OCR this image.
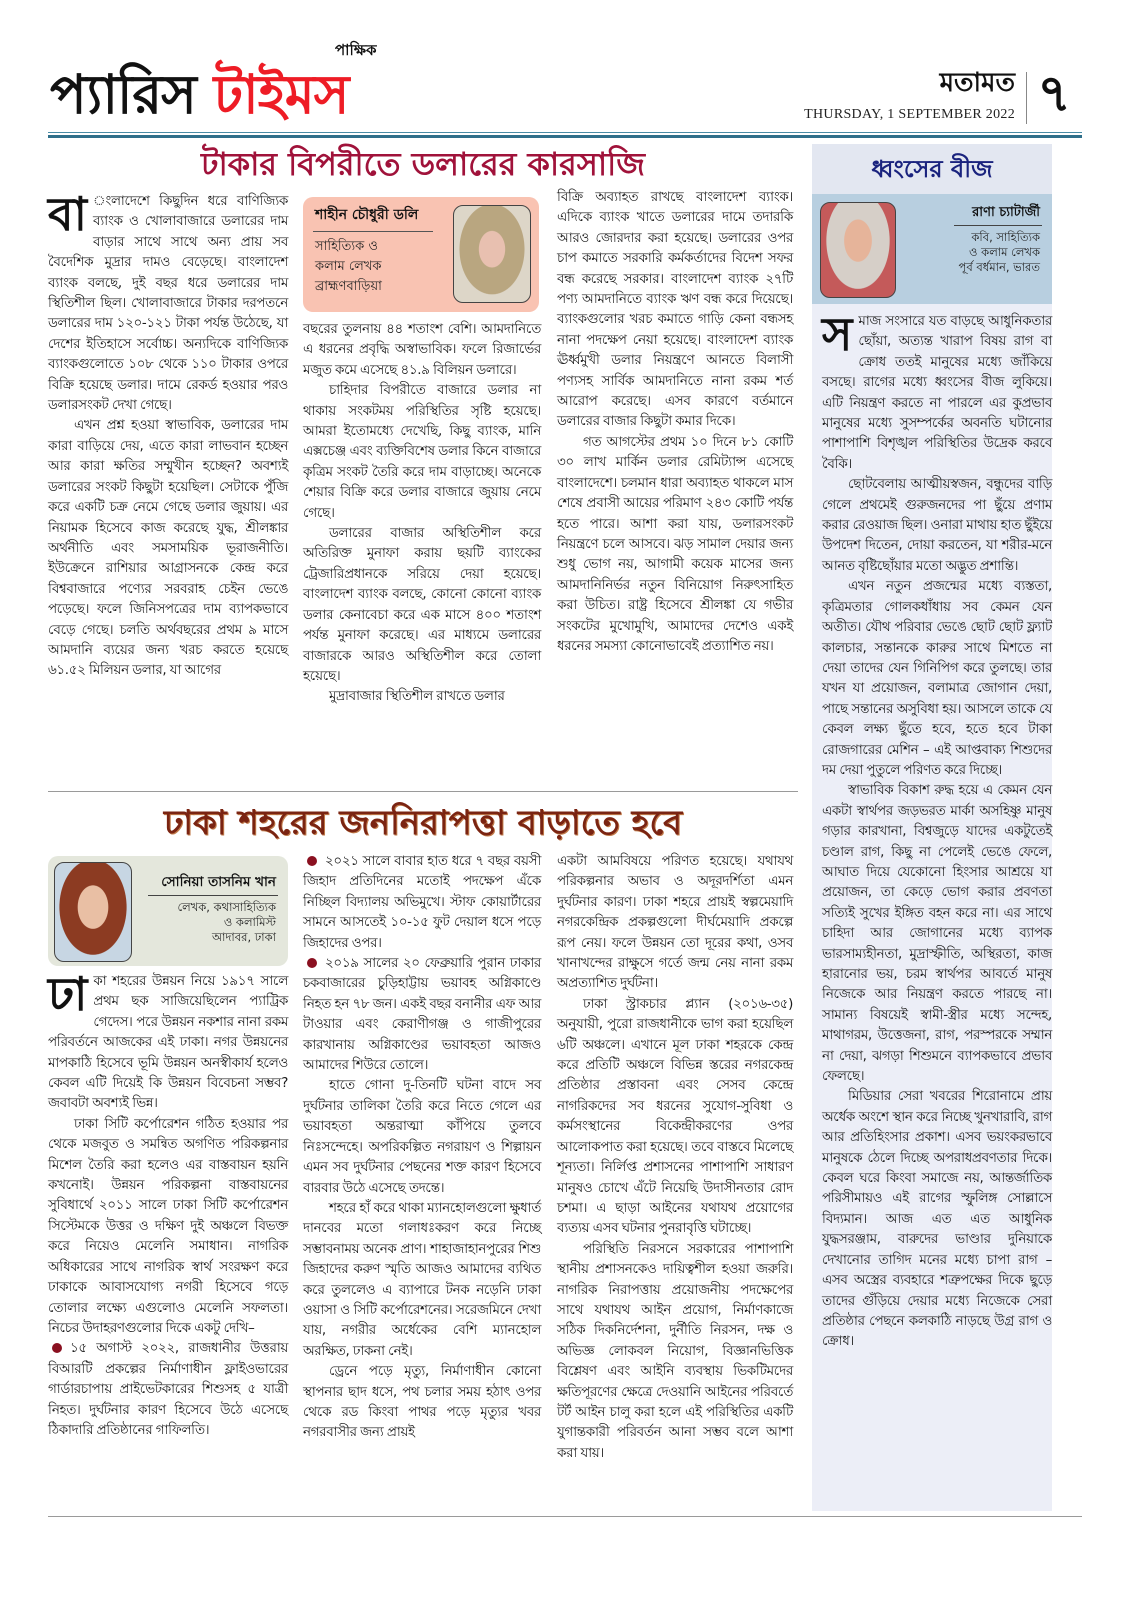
প্যারিস টাইমস
পাক্ষিক
মতামত
THURSDAY, 1 SEPTEMBER 2022 ৭
টাকার বিপরীতে ডলারের কারসাজি

বা ংলাদেশে কিছুদিন ধরে বাণিজ্যিক ব্যাংক ও খোলাবাজারে ডলারের দাম বাড়ার সাথে সাথে অন্য প্রায় সব বৈদেশিক মুদ্রার দামও বেড়েছে। বাংলাদেশ ব্যাংক বলছে, দুই বছর ধরে ডলারের দাম স্থিতিশীল ছিল। খোলাবাজারে টাকার দরপতনে ডলারের দাম ১২০-১২১ টাকা পর্যন্ত উঠেছে, যা দেশের ইতিহাসে সর্বোচ্চ। অন্যদিকে বাণিজ্যিক ব্যাংকগুলোতে ১০৮ থেকে ১১০ টাকার ওপরে বিক্রি হয়েছে ডলার। দামে রেকর্ড হওয়ার পরও ডলারসংকট দেখা গেছে।

এখন প্রশ্ন হওয়া স্বাভাবিক, ডলারের দাম কারা বাড়িয়ে দেয়, এতে কারা লাভবান হচ্ছেন আর কারা ক্ষতির সম্মুখীন হচ্ছেন? অবশ্যই ডলারের সংকট কিছুটা হয়েছিল। সেটাকে পুঁজি করে একটি চক্র নেমে গেছে ডলার জুয়ায়। এর নিয়ামক হিসেবে কাজ করেছে যুদ্ধ, শ্রীলঙ্কার অর্থনীতি এবং সমসাময়িক ভূরাজনীতি। ইউক্রেনে রাশিয়ার আগ্রাসনকে কেন্দ্র করে বিশ্ববাজারে পণ্যের সরবরাহ চেইন ভেঙে পড়েছে। ফলে জিনিসপত্রের দাম ব্যাপকভাবে বেড়ে গেছে। চলতি অর্থবছরের প্রথম ৯ মাসে আমদানি ব্যয়ের জন্য খরচ করতে হয়েছে ৬১.৫২ মিলিয়ন ডলার, যা আগের

শাহীন চৌধুরী ডলি
সাহিত্যিক ও
কলাম লেখক
ব্রাহ্মণবাড়িয়া

বছরের তুলনায় ৪৪ শতাংশ বেশি। আমদানিতে এ ধরনের প্রবৃদ্ধি অস্বাভাবিক। ফলে রিজার্ভের মজুত কমে এসেছে ৪১.৯ বিলিয়ন ডলারে।

চাহিদার বিপরীতে বাজারে ডলার না থাকায় সংকটময় পরিস্থিতির সৃষ্টি হয়েছে। আমরা ইতোমধ্যে দেখেছি, কিছু ব্যাংক, মানি এক্সচেঞ্জ এবং ব্যক্তিবিশেষ ডলার কিনে বাজারে কৃত্রিম সংকট তৈরি করে দাম বাড়াচ্ছে। অনেকে শেয়ার বিক্রি করে ডলার বাজারে জুয়ায় নেমে গেছে।

ডলারের বাজার অস্থিতিশীল করে অতিরিক্ত মুনাফা করায় ছয়টি ব্যাংকের ট্রেজারিপ্রধানকে সরিয়ে দেয়া হয়েছে। বাংলাদেশ ব্যাংক বলছে, কোনো কোনো ব্যাংক ডলার কেনাবেচা করে এক মাসে ৪০০ শতাংশ পর্যন্ত মুনাফা করেছে। এর মাধ্যমে ডলারের বাজারকে আরও অস্থিতিশীল করে তোলা হয়েছে।

মুদ্রাবাজার স্থিতিশীল রাখতে ডলার

বিক্রি অব্যাহত রাখছে বাংলাদেশ ব্যাংক। এদিকে ব্যাংক খাতে ডলারের দামে তদারকি আরও জোরদার করা হয়েছে। ডলারের ওপর চাপ কমাতে সরকারি কর্মকর্তাদের বিদেশ সফর বন্ধ করেছে সরকার। বাংলাদেশ ব্যাংক ২৭টি পণ্য আমদানিতে ব্যাংক ঋণ বন্ধ করে দিয়েছে। ব্যাংকগুলোর খরচ কমাতে গাড়ি কেনা বন্ধসহ নানা পদক্ষেপ নেয়া হয়েছে। বাংলাদেশ ব্যাংক ঊর্ধ্বমুখী ডলার নিয়ন্ত্রণে আনতে বিলাসী পণ্যসহ সার্বিক আমদানিতে নানা রকম শর্ত আরোপ করেছে। এসব কারণে বর্তমানে ডলারের বাজার কিছুটা কমার দিকে।

গত আগস্টের প্রথম ১০ দিনে ৮১ কোটি ৩০ লাখ মার্কিন ডলার রেমিট্যান্স এসেছে বাংলাদেশে। চলমান ধারা অব্যাহত থাকলে মাস শেষে প্রবাসী আয়ের পরিমাণ ২৪৩ কোটি পর্যন্ত হতে পারে। আশা করা যায়, ডলারসংকট নিয়ন্ত্রণে চলে আসবে। ঝড় সামাল দেয়ার জন্য শুধু ভোগ নয়, আগামী কয়েক মাসের জন্য আমদানিনির্ভর নতুন বিনিয়োগ নিরুৎসাহিত করা উচিত। রাষ্ট্র হিসেবে শ্রীলঙ্কা যে গভীর সংকটের মুখোমুখি, আমাদের দেশেও একই ধরনের সমস্যা কোনোভাবেই প্রত্যাশিত নয়।

ধ্বংসের বীজ
রাণা চ্যাটার্জী
কবি, সাহিত্যিক
ও কলাম লেখক
পূর্ব বর্ধমান, ভারত

সমাজ সংসারে যত বাড়ছে আধুনিকতার ছোঁয়া, অত্যন্ত খারাপ বিষয় রাগ বা ক্রোধ ততই মানুষের মধ্যে জাঁকিয়ে বসছে। রাগের মধ্যে ধ্বংসের বীজ লুকিয়ে। এটি নিয়ন্ত্রণ করতে না পারলে এর কুপ্রভাব মানুষের মধ্যে সুসম্পর্কের অবনতি ঘটানোর পাশাপাশি বিশৃঙ্খল পরিস্থিতির উদ্রেক করবে বৈকি।

ছোটবেলায় আত্মীয়স্বজন, বন্ধুদের বাড়ি গেলে প্রথমেই গুরুজনদের পা ছুঁয়ে প্রণাম করার রেওয়াজ ছিল। ওনারা মাথায় হাত ছুঁইয়ে উপদেশ দিতেন, দোয়া করতেন, যা শরীর-মনে আনত বৃষ্টিছোঁয়ার মতো অদ্ভুত প্রশান্তি।

এখন নতুন প্রজন্মের মধ্যে ব্যস্ততা, কৃত্রিমতার গোলকধাঁধায় সব কেমন যেন অতীত। যৌথ পরিবার ভেঙে ছোট ছোট ফ্ল্যাট কালচার, সন্তানকে কারুর সাথে মিশতে না দেয়া তাদের যেন গিনিপিগ করে তুলছে। তার যখন যা প্রয়োজন, বলামাত্র জোগান দেয়া, পাছে সন্তানের অসুবিধা হয়। আসলে তাকে যে কেবল লক্ষ্য ছুঁতে হবে, হতে হবে টাকা রোজগারের মেশিন – এই আপ্তবাক্য শিশুদের দম দেয়া পুতুলে পরিণত করে দিচ্ছে।

স্বাভাবিক বিকাশ রুদ্ধ হয়ে এ কেমন যেন একটা স্বার্থপর জড়ভরত মার্কা অসহিষ্ণু মানুষ গড়ার কারখানা, বিশ্বজুড়ে যাদের একটুতেই চণ্ডাল রাগ, কিছু না পেলেই ভেঙে ফেলে, আঘাত দিয়ে যেকোনো হিংসার আশ্রয়ে যা প্রয়োজন, তা কেড়ে ভোগ করার প্রবণতা সত্যিই সুখের ইঙ্গিত বহন করে না। এর সাথে চাহিদা আর জোগানের মধ্যে ব্যাপক ভারসাম্যহীনতা, মুদ্রাস্ফীতি, অস্থিরতা, কাজ হারানোর ভয়, চরম স্বার্থপর আবর্তে মানুষ নিজেকে আর নিয়ন্ত্রণ করতে পারছে না। সামান্য বিষয়েই স্বামী-স্ত্রীর মধ্যে সন্দেহ, মাথাগরম, উত্তেজনা, রাগ, পরস্পরকে সম্মান না দেয়া, ঝগড়া শিশুমনে ব্যাপকভাবে প্রভাব ফেলছে।

মিডিয়ার সেরা খবরের শিরোনামে প্রায় অর্ধেক অংশে স্থান করে নিচ্ছে খুনখারাবি, রাগ আর প্রতিহিংসার প্রকাশ। এসব ভয়ংকরভাবে মানুষকে ঠেলে দিচ্ছে অপরাধপ্রবণতার দিকে। কেবল ঘরে কিংবা সমাজে নয়, আন্তর্জাতিক পরিসীমায়ও এই রাগের স্ফুলিঙ্গ সোল্লাসে বিদ্যমান। আজ এত এত আধুনিক যুদ্ধসরঞ্জাম, বারুদের ভাণ্ডার দুনিয়াকে দেখানোর তাগিদ মনের মধ্যে চাপা রাগ – এসব অস্ত্রের ব্যবহারে শত্রুপক্ষের দিকে ছুড়ে তাদের গুঁড়িয়ে দেয়ার মধ্যে নিজেকে সেরা প্রতিষ্ঠার পেছনে কলকাঠি নাড়ছে উগ্র রাগ ও ক্রোধ।

ঢাকা শহরের জননিরাপত্তা বাড়াতে হবে
সোনিয়া তাসনিম খান
লেখক, কথাসাহিত্যিক
ও কলামিস্ট
আদাবর, ঢাকা

ঢাকা শহরের উন্নয়ন নিয়ে ১৯১৭ সালে প্রথম ছক সাজিয়েছিলেন প্যাট্রিক গেদেস। পরে উন্নয়ন নকশার নানা রকম পরিবর্তনে আজকের এই ঢাকা। নগর উন্নয়নের মাপকাঠি হিসেবে ভূমি উন্নয়ন অনস্বীকার্য হলেও কেবল এটি দিয়েই কি উন্নয়ন বিবেচনা সম্ভব? জবাবটা অবশ্যই ভিন্ন।

ঢাকা সিটি কর্পোরেশন গঠিত হওয়ার পর থেকে মজবুত ও সমন্বিত অগণিত পরিকল্পনার মিশেল তৈরি করা হলেও এর বাস্তবায়ন হয়নি কখনোই। উন্নয়ন পরিকল্পনা বাস্তবায়নের সুবিধার্থে ২০১১ সালে ঢাকা সিটি কর্পোরেশন সিস্টেমকে উত্তর ও দক্ষিণ দুই অঞ্চলে বিভক্ত করে নিয়েও মেলেনি সমাধান। নাগরিক অধিকারের সাথে নাগরিক স্বার্থ সংরক্ষণ করে ঢাকাকে আবাসযোগ্য নগরী হিসেবে গড়ে তোলার লক্ষ্যে এগুলোও মেলেনি সফলতা। নিচের উদাহরণগুলোর দিকে একটু দেখি–

১৫ অগাস্ট ২০২২, রাজধানীর উত্তরায় বিআরটি প্রকল্পের নির্মাণাধীন ফ্লাইওভারের গার্ডারচাপায় প্রাইভেটকারের শিশুসহ ৫ যাত্রী নিহত। দুর্ঘটনার কারণ হিসেবে উঠে এসেছে ঠিকাদারি প্রতিষ্ঠানের গাফিলতি।

২০২১ সালে বাবার হাত ধরে ৭ বছর বয়সী জিহাদ প্রতিদিনের মতোই পদক্ষেপ এঁকে নিচ্ছিল বিদ্যালয় অভিমুখে। স্টাফ কোয়ার্টারের সামনে আসতেই ১০-১৫ ফুট দেয়াল ধসে পড়ে জিহাদের ওপর।

২০১৯ সালের ২০ ফেব্রুয়ারি পুরান ঢাকার চকবাজারের চুড়িহাট্টায় ভয়াবহ অগ্নিকাণ্ডে নিহত হন ৭৮ জন। একই বছর বনানীর এফ আর টাওয়ার এবং কেরাণীগঞ্জ ও গাজীপুরের কারখানায় অগ্নিকাণ্ডের ভয়াবহতা আজও আমাদের শিউরে তোলে।

হাতে গোনা দু-তিনটি ঘটনা বাদে সব দুর্ঘটনার তালিকা তৈরি করে নিতে গেলে এর ভয়াবহতা অন্তরাত্মা কাঁপিয়ে তুলবে নিঃসন্দেহে। অপরিকল্পিত নগরায়ণ ও শিল্পায়ন এমন সব দুর্ঘটনার পেছনের শক্ত কারণ হিসেবে বারবার উঠে এসেছে তদন্তে।

শহরে হাঁ করে থাকা ম্যানহোলগুলো ক্ষুধার্ত দানবের মতো গলাধঃকরণ করে নিচ্ছে সম্ভাবনাময় অনেক প্রাণ। শাহাজাহানপুরের শিশু জিহাদের করুণ স্মৃতি আজও আমাদের ব্যথিত করে তুললেও এ ব্যাপারে টনক নড়েনি ঢাকা ওয়াসা ও সিটি কর্পোরেশনের। সরেজমিনে দেখা যায়, নগরীর অর্ধেকের বেশি ম্যানহোল অরক্ষিত, ঢাকনা নেই।

ড্রেনে পড়ে মৃত্যু, নির্মাণাধীন কোনো স্থাপনার ছাদ ধসে, পথ চলার সময় হঠাৎ ওপর থেকে রড কিংবা পাথর পড়ে মৃত্যুর খবর নগরবাসীর জন্য প্রায়ই

একটা আমবিষয়ে পরিণত হয়েছে। যথাযথ পরিকল্পনার অভাব ও অদূরদর্শিতা এমন দুর্ঘটনার কারণ। ঢাকা শহরে প্রায়ই স্বল্পমেয়াদি নগরকেন্দ্রিক প্রকল্পগুলো দীর্ঘমেয়াদি প্রকল্পে রূপ নেয়। ফলে উন্নয়ন তো দূরের কথা, ওসব খানাখন্দের রাক্ষুসে গর্তে জন্ম নেয় নানা রকম অপ্রত্যাশিত দুর্ঘটনা।

ঢাকা স্ট্রাকচার প্ল্যান (২০১৬-৩৫) অনুযায়ী, পুরো রাজধানীকে ভাগ করা হয়েছিল ৬টি অঞ্চলে। এখানে মূল ঢাকা শহরকে কেন্দ্র করে প্রতিটি অঞ্চলে বিভিন্ন স্তরের নগরকেন্দ্র প্রতিষ্ঠার প্রস্তাবনা এবং সেসব কেন্দ্রে নাগরিকদের সব ধরনের সুযোগ-সুবিধা ও কর্মসংস্থানের বিকেন্দ্রীকরণের ওপর আলোকপাত করা হয়েছে। তবে বাস্তবে মিলেছে শূন্যতা। নির্লিপ্ত প্রশাসনের পাশাপাশি সাধারণ মানুষও চোখে এঁটে নিয়েছি উদাসীনতার রোদ চশমা। এ ছাড়া আইনের যথাযথ প্রয়োগের ব্যত্যয় এসব ঘটনার পুনরাবৃত্তি ঘটাচ্ছে।

পরিস্থিতি নিরসনে সরকারের পাশাপাশি স্থানীয় প্রশাসনকেও দায়িত্বশীল হওয়া জরুরি। নাগরিক নিরাপত্তায় প্রয়োজনীয় পদক্ষেপের সাথে যথাযথ আইন প্রয়োগ, নির্মাণকাজে সঠিক দিকনির্দেশনা, দুর্নীতি নিরসন, দক্ষ ও অভিজ্ঞ লোকবল নিয়োগ, বিজ্ঞানভিত্তিক বিশ্লেষণ এবং আইনি ব্যবস্থায় ভিকটিমদের ক্ষতিপূরণের ক্ষেত্রে দেওয়ানি আইনের পরিবর্তে টর্ট আইন চালু করা হলে এই পরিস্থিতির একটি যুগান্তকারী পরিবর্তন আনা সম্ভব বলে আশা করা যায়।
